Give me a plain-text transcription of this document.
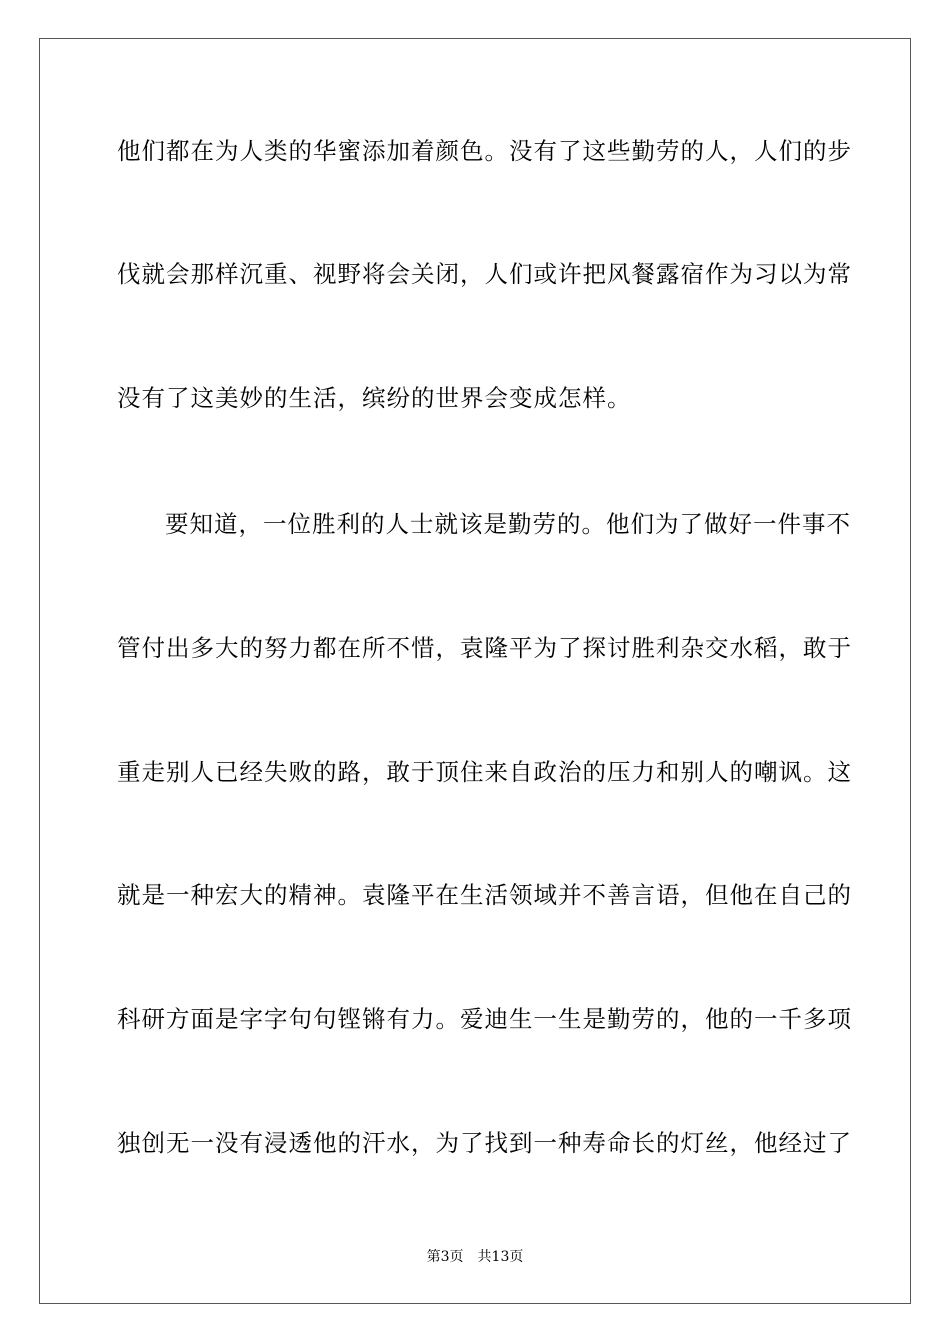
他们都在为人类的华蜜添加着颜色。没有了这些勤劳的人，人们的步
伐就会那样沉重、视野将会关闭，人们或许把风餐露宿作为习以为常
没有了这美妙的生活，缤纷的世界会变成怎样。
要知道，一位胜利的人士就该是勤劳的。他们为了做好一件事不
管付出多大的努力都在所不惜，袁隆平为了探讨胜利杂交水稻，敢于
重走别人已经失败的路，敢于顶住来自政治的压力和别人的嘲讽。这
就是一种宏大的精神。袁隆平在生活领域并不善言语，但他在自己的
科研方面是字字句句铿锵有力。爱迪生一生是勤劳的，他的一千多项
独创无一没有浸透他的汗水，为了找到一种寿命长的灯丝，他经过了
第3页　共13页
